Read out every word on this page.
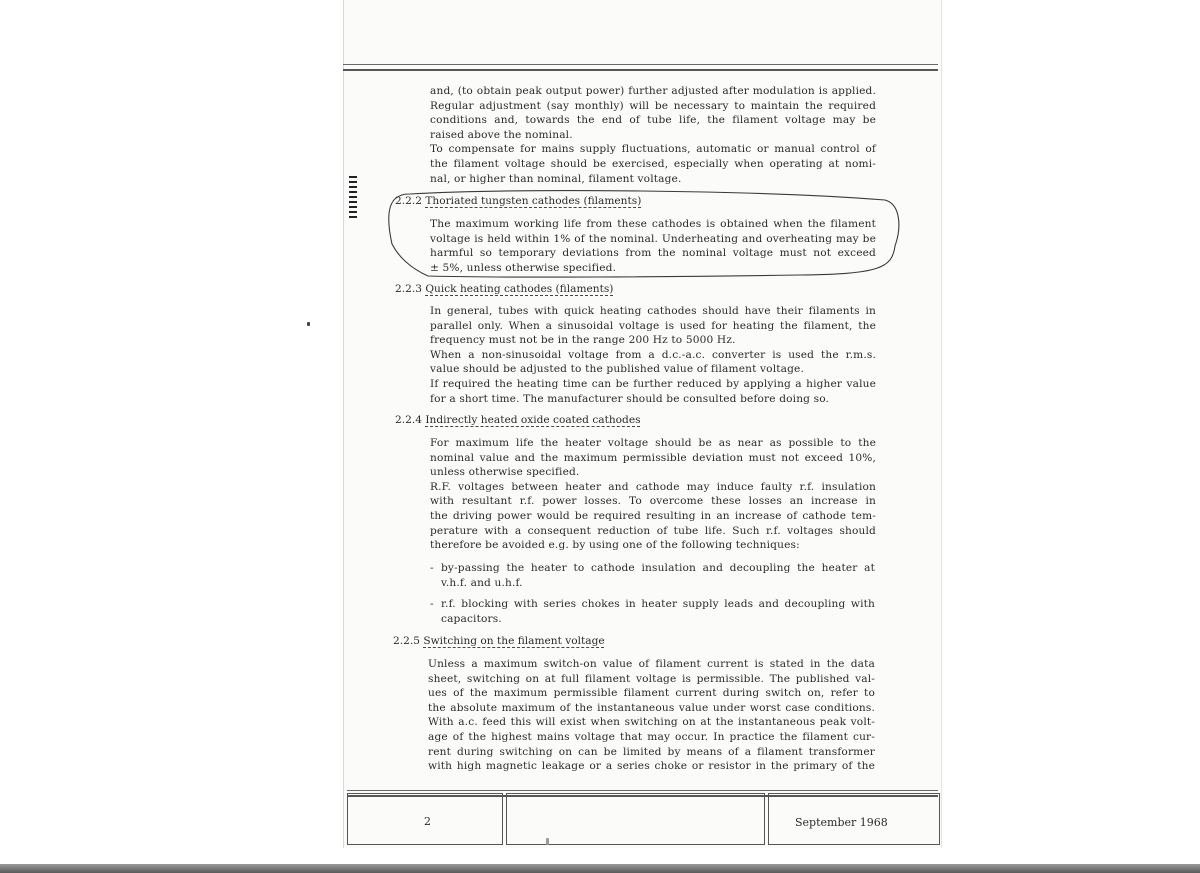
and, (to obtain peak output power) further adjusted after modulation is applied.
Regular adjustment (say monthly) will be necessary to maintain the required
conditions and, towards the end of tube life, the filament voltage may be
raised above the nominal.
To compensate for mains supply fluctuations, automatic or manual control of
the filament voltage should be exercised, especially when operating at nomi-
nal, or higher than nominal, filament voltage.
2.2.2 Thoriated tungsten cathodes (filaments)
The maximum working life from these cathodes is obtained when the filament
voltage is held within 1% of the nominal. Underheating and overheating may be
harmful so temporary deviations from the nominal voltage must not exceed
± 5%, unless otherwise specified.
2.2.3 Quick heating cathodes (filaments)
In general, tubes with quick heating cathodes should have their filaments in
parallel only. When a sinusoidal voltage is used for heating the filament, the
frequency must not be in the range 200 Hz to 5000 Hz.
When a non-sinusoidal voltage from a d.c.-a.c. converter is used the r.m.s.
value should be adjusted to the published value of filament voltage.
If required the heating time can be further reduced by applying a higher value
for a short time. The manufacturer should be consulted before doing so.
2.2.4 Indirectly heated oxide coated cathodes
For maximum life the heater voltage should be as near as possible to the
nominal value and the maximum permissible deviation must not exceed 10%,
unless otherwise specified.
R.F. voltages between heater and cathode may induce faulty r.f. insulation
with resultant r.f. power losses. To overcome these losses an increase in
the driving power would be required resulting in an increase of cathode tem-
perature with a consequent reduction of tube life. Such r.f. voltages should
therefore be avoided e.g. by using one of the following techniques:
- by-passing the heater to cathode insulation and decoupling the heater at
v.h.f. and u.h.f.
- r.f. blocking with series chokes in heater supply leads and decoupling with
capacitors.
2.2.5 Switching on the filament voltage
Unless a maximum switch-on value of filament current is stated in the data
sheet, switching on at full filament voltage is permissible. The published val-
ues of the maximum permissible filament current during switch on, refer to
the absolute maximum of the instantaneous value under worst case conditions.
With a.c. feed this will exist when switching on at the instantaneous peak volt-
age of the highest mains voltage that may occur. In practice the filament cur-
rent during switching on can be limited by means of a filament transformer
with high magnetic leakage or a series choke or resistor in the primary of the
2	September 1968
